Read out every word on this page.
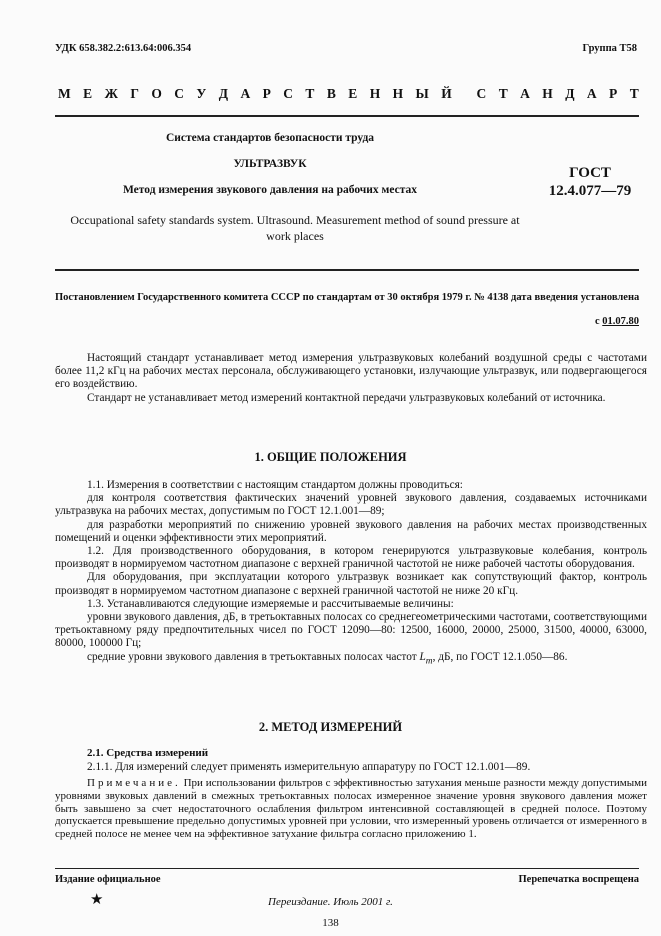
УДК 658.382.2:613.64:006.354	Группа Т58
М Е Ж Г О С У Д А Р С Т В Е Н Н Ы Й С Т А Н Д А Р Т
Система стандартов безопасности труда
УЛЬТРАЗВУК
Метод измерения звукового давления на рабочих местах
ГОСТ
12.4.077—79
Occupational safety standards system. Ultrasound. Measurement method of sound pressure at work places
Постановлением Государственного комитета СССР по стандартам от 30 октября 1979 г. № 4138 дата введения установлена
с 01.07.80

Настоящий стандарт устанавливает метод измерения ультразвуковых колебаний воздушной среды с частотами более 11,2 кГц на рабочих местах персонала, обслуживающего установки, излучающие ультразвук, или подвергающегося его воздействию.

Стандарт не устанавливает метод измерений контактной передачи ультразвуковых колебаний от источника.

1. ОБЩИЕ ПОЛОЖЕНИЯ

1.1. Измерения в соответствии с настоящим стандартом должны проводиться:

для контроля соответствия фактических значений уровней звукового давления, создаваемых источниками ультразвука на рабочих местах, допустимым по ГОСТ 12.1.001—89;

для разработки мероприятий по снижению уровней звукового давления на рабочих местах производственных помещений и оценки эффективности этих мероприятий.

1.2. Для производственного оборудования, в котором генерируются ультразвуковые колебания, контроль производят в нормируемом частотном диапазоне с верхней граничной частотой не ниже рабочей частоты оборудования.

Для оборудования, при эксплуатации которого ультразвук возникает как сопутствующий фактор, контроль производят в нормируемом частотном диапазоне с верхней граничной частотой не ниже 20 кГц.

1.3. Устанавливаются следующие измеряемые и рассчитываемые величины:

уровни звукового давления, дБ, в третьоктавных полосах со среднегеометрическими частотами, соответствующими третьоктавному ряду предпочтительных чисел по ГОСТ 12090—80: 12500, 16000, 20000, 25000, 31500, 40000, 63000, 80000, 100000 Гц;

средние уровни звукового давления в третьоктавных полосах частот $L_m$, дБ, по ГОСТ 12.1.050—86.

2. МЕТОД ИЗМЕРЕНИЙ
2.1. Средства измерений

2.1.1. Для измерений следует применять измерительную аппаратуру по ГОСТ 12.1.001—89.

Примечание. При использовании фильтров с эффективностью затухания меньше разности между допустимыми уровнями звуковых давлений в смежных третьоктавных полосах измеренное значение уровня звукового давления может быть завышено за счет недостаточного ослабления фильтром интенсивной составляющей в средней полосе. Поэтому допускается превышение предельно допустимых уровней при условии, что измеренный уровень отличается от измеренного в средней полосе не менее чем на эффективное затухание фильтра согласно приложению 1.

Издание официальное	Перепечатка воспрещена
★	Переиздание. Июль 2001 г.
138
